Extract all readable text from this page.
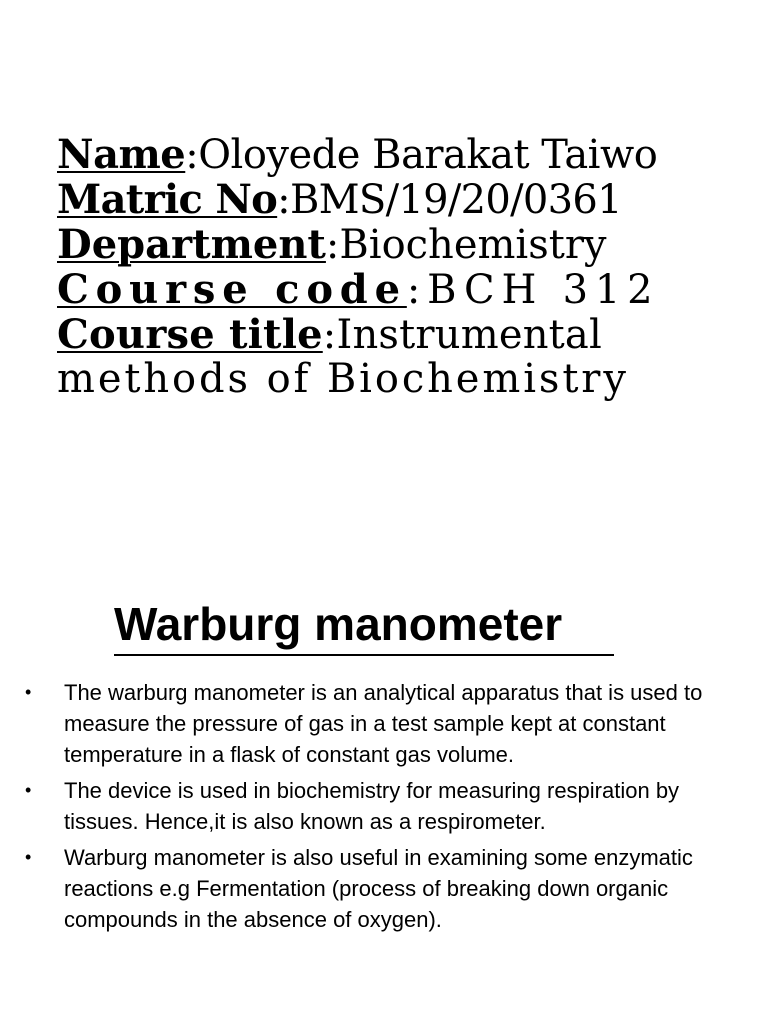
Name:Oloyede Barakat Taiwo
Matric No:BMS/19/20/0361
Department:Biochemistry
Course code:BCH 312
Course title:Instrumental
methods of Biochemistry
Warburg manometer
• The warburg manometer is an analytical apparatus that is used to measure the pressure of gas in a test sample kept at constant temperature in a flask of constant gas volume.
• The device is used in biochemistry for measuring respiration by tissues. Hence,it is also known as a respirometer.
• Warburg manometer is also useful in examining some enzymatic reactions e.g Fermentation (process of breaking down organic compounds in the absence of oxygen).
